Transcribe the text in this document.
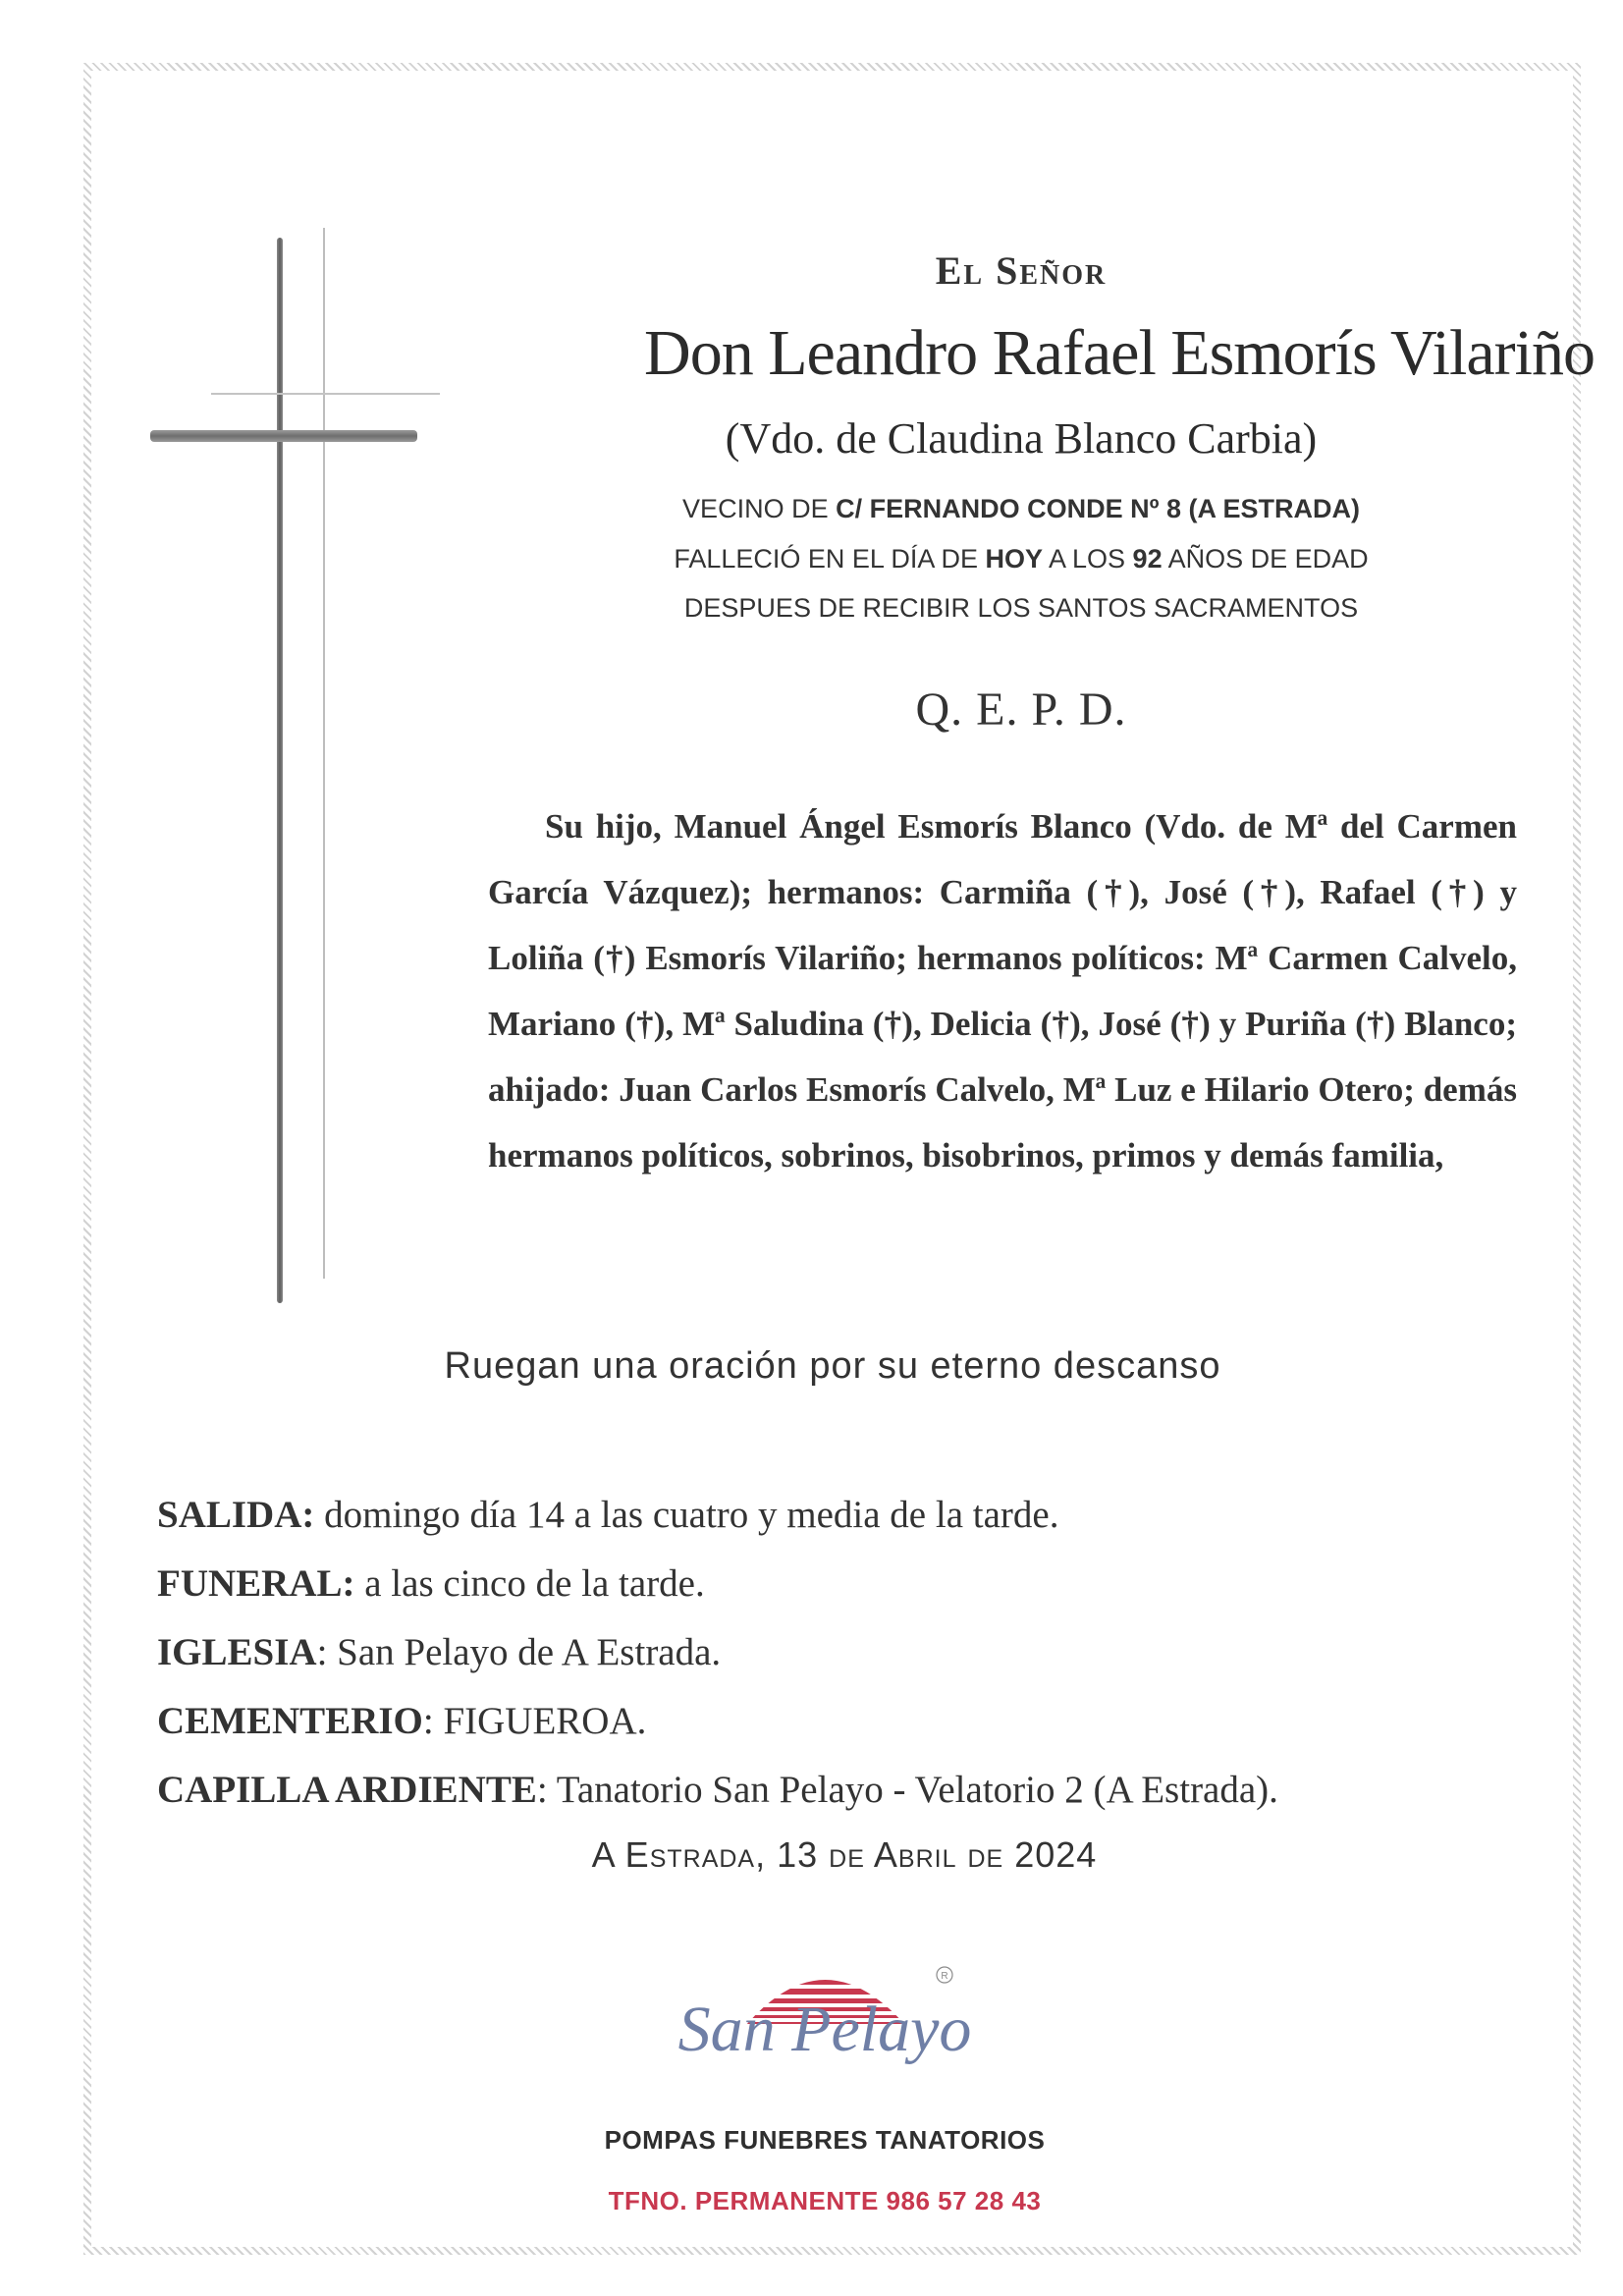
El Señor
Don Leandro Rafael Esmorís Vilariño
(Vdo. de Claudina Blanco Carbia)
VECINO DE C/ FERNANDO CONDE Nº 8 (A ESTRADA)
FALLECIÓ EN EL DÍA DE HOY A LOS 92 AÑOS DE EDAD
DESPUES DE RECIBIR LOS SANTOS SACRAMENTOS
Q. E. P. D.
Su hijo, Manuel Ángel Esmorís Blanco (Vdo. de Mª del Carmen García Vázquez); hermanos: Carmiña (†), José (†), Rafael (†) y Loliña (†) Esmorís Vilariño; hermanos políticos: Mª Carmen Calvelo, Mariano (†), Mª Saludina (†), Delicia (†), José (†) y Puriña (†) Blanco; ahijado: Juan Carlos Esmorís Calvelo, Mª Luz e Hilario Otero; demás hermanos políticos, sobrinos, bisobrinos, primos y demás familia,
Ruegan una oración por su eterno descanso
SALIDA: domingo día 14 a las cuatro y media de la tarde.
FUNERAL: a las cinco de la tarde.
IGLESIA: San Pelayo de A Estrada.
CEMENTERIO: FIGUEROA.
CAPILLA ARDIENTE: Tanatorio San Pelayo - Velatorio 2 (A Estrada).
A Estrada, 13 de Abril de 2024
R
San Pelayo
POMPAS FUNEBRES TANATORIOS
TFNO. PERMANENTE 986 57 28 43
